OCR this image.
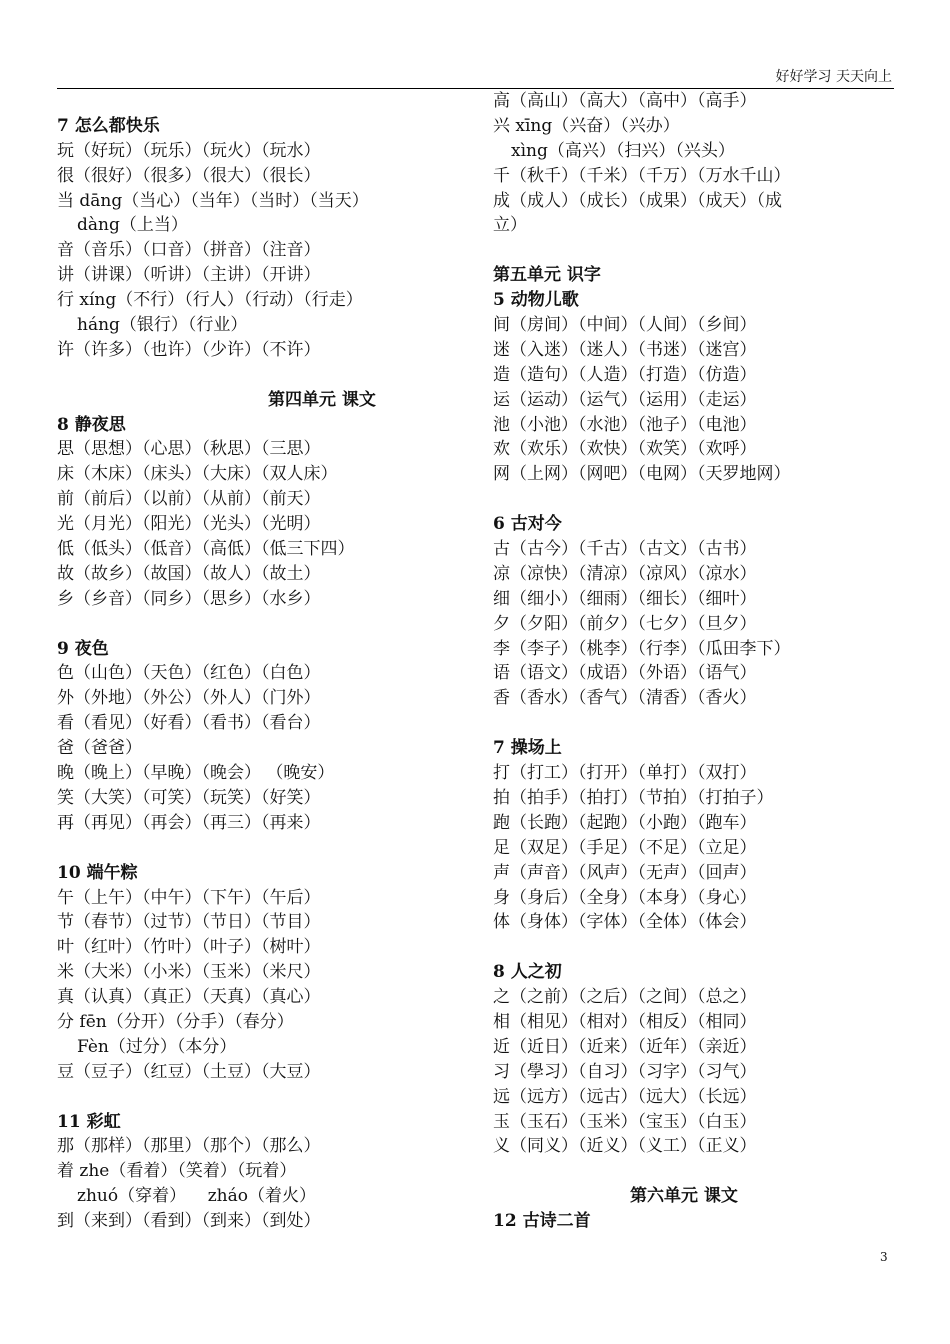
好好学习 天天向上
7 怎么都快乐
玩（好玩）（玩乐）（玩火）（玩水）
很（很好）（很多）（很大）（很长）
当 dāng（当心）（当年）（当时）（当天）
dàng（上当）
音（音乐）（口音）（拼音）（注音）
讲（讲课）（听讲）（主讲）（开讲）
行 xíng（不行）（行人）（行动）（行走）
háng（银行）（行业）
许（许多）（也许）（少许）（不许）
第四单元 课文
8 静夜思
思（思想）（心思）（秋思）（三思）
床（木床）（床头）（大床）（双人床）
前（前后）（以前）（从前）（前天）
光（月光）（阳光）（光头）（光明）
低（低头）（低音）（高低）（低三下四）
故（故乡）（故国）（故人）（故土）
乡（乡音）（同乡）（思乡）（水乡）
9 夜色
色（山色）（天色）（红色）（白色）
外（外地）（外公）（外人）（门外）
看（看见）（好看）（看书）（看台）
爸（爸爸）
晚（晚上）（早晚）（晚会） （晚安）
笑（大笑）（可笑）（玩笑）（好笑）
再（再见）（再会）（再三）（再来）
10 端午粽
午（上午）（中午）（下午）（午后）
节（春节）（过节）（节日）（节目）
叶（红叶）（竹叶）（叶子）（树叶）
米（大米）（小米）（玉米）（米尺）
真（认真）（真正）（天真）（真心）
分 fēn（分开）（分手）（春分）
Fèn（过分）（本分）
豆（豆子）（红豆）（土豆）（大豆）
11 彩虹
那（那样）（那里）（那个）（那么）
着 zhe（看着）（笑着）（玩着）
zhuó（穿着）    zháo（着火）
到（来到）（看到）（到来）（到处）
高（高山）（高大）（高中）（高手）
兴 xīng（兴奋）（兴办）
xìng（高兴）（扫兴）（兴头）
千（秋千）（千米）（千万）（万水千山）
成（成人）（成长）（成果）（成天）（成
立）
第五单元 识字
5 动物儿歌
间（房间）（中间）（人间）（乡间）
迷（入迷）（迷人）（书迷）（迷宫）
造（造句）（人造）（打造）（仿造）
运（运动）（运气）（运用）（走运）
池（小池）（水池）（池子）（电池）
欢（欢乐）（欢快）（欢笑）（欢呼）
网（上网）（网吧）（电网）（天罗地网）
6 古对今
古（古今）（千古）（古文）（古书）
凉（凉快）（清凉）（凉风）（凉水）
细（细小）（细雨）（细长）（细叶）
夕（夕阳）（前夕）（七夕）（旦夕）
李（李子）（桃李）（行李）（瓜田李下）
语（语文）（成语）（外语）（语气）
香（香水）（香气）（清香）（香火）
7 操场上
打（打工）（打开）（单打）（双打）
拍（拍手）（拍打）（节拍）（打拍子）
跑（长跑）（起跑）（小跑）（跑车）
足（双足）（手足）（不足）（立足）
声（声音）（风声）（无声）（回声）
身（身后）（全身）（本身）（身心）
体（身体）（字体）（全体）（体会）
8 人之初
之（之前）（之后）（之间）（总之）
相（相见）（相对）（相反）（相同）
近（近日）（近来）（近年）（亲近）
习（學习）（自习）（习字）（习气）
远（远方）（远古）（远大）（长远）
玉（玉石）（玉米）（宝玉）（白玉）
义（同义）（近义）（义工）（正义）
第六单元 课文
12 古诗二首
3
